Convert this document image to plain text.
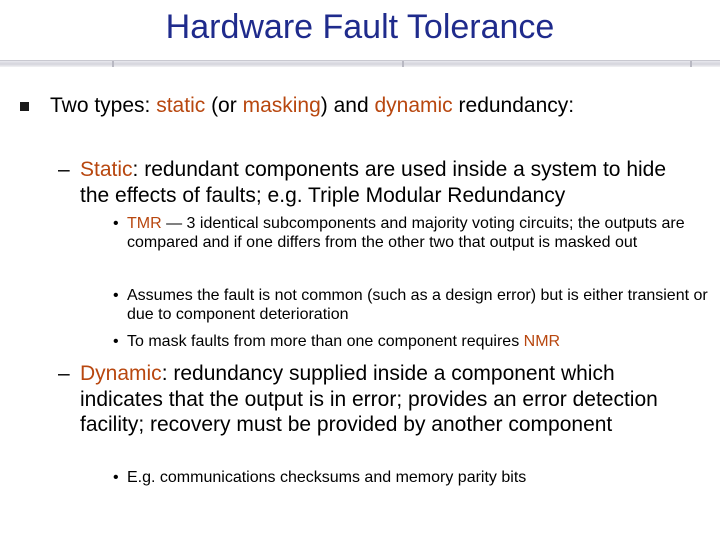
Hardware Fault Tolerance
Two types: static (or masking) and dynamic redundancy:
– Static: redundant components are used inside a system to hide the effects of faults; e.g. Triple Modular Redundancy
• TMR — 3 identical subcomponents and majority voting circuits; the outputs are compared and if one differs from the other two that output is masked out
• Assumes the fault is not common (such as a design error) but is either transient or due to component deterioration
• To mask faults from more than one component requires NMR
– Dynamic: redundancy supplied inside a component which indicates that the output is in error; provides an error detection facility; recovery must be provided by another component
• E.g. communications checksums and memory parity bits
